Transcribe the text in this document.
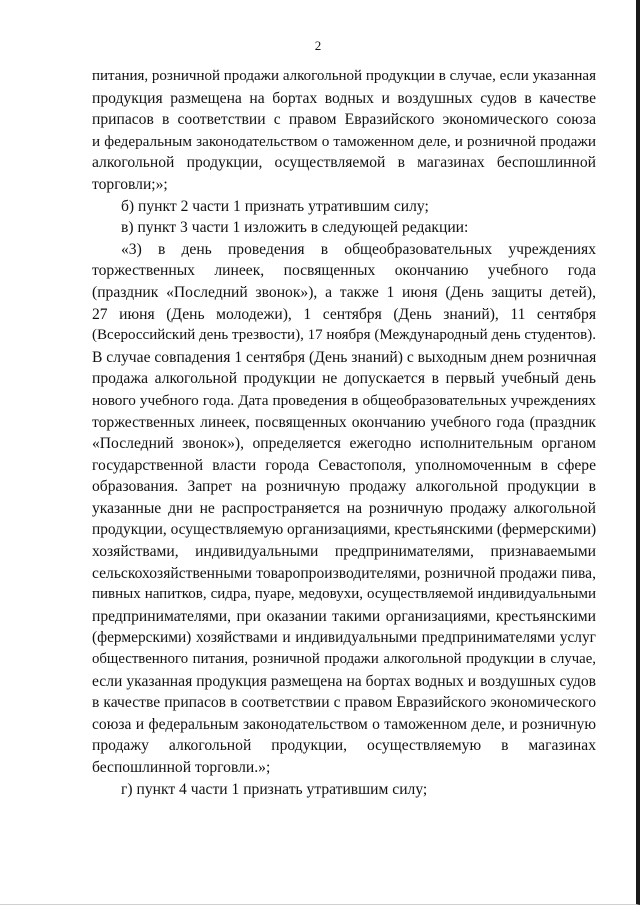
2
питания, розничной продажи алкогольной продукции в случае, если указанная
продукция размещена на бортах водных и воздушных судов в качестве
припасов в соответствии с правом Евразийского экономического союза
и федеральным законодательством о таможенном деле, и розничной продажи
алкогольной продукции, осуществляемой в магазинах беспошлинной
торговли;»;
б) пункт 2 части 1 признать утратившим силу;
в) пункт 3 части 1 изложить в следующей редакции:
«3) в день проведения в общеобразовательных учреждениях
торжественных линеек, посвященных окончанию учебного года
(праздник «Последний звонок»), а также 1 июня (День защиты детей),
27 июня (День молодежи), 1 сентября (День знаний), 11 сентября
(Всероссийский день трезвости), 17 ноября (Международный день студентов).
В случае совпадения 1 сентября (День знаний) с выходным днем розничная
продажа алкогольной продукции не допускается в первый учебный день
нового учебного года. Дата проведения в общеобразовательных учреждениях
торжественных линеек, посвященных окончанию учебного года (праздник
«Последний звонок»), определяется ежегодно исполнительным органом
государственной власти города Севастополя, уполномоченным в сфере
образования. Запрет на розничную продажу алкогольной продукции в
указанные дни не распространяется на розничную продажу алкогольной
продукции, осуществляемую организациями, крестьянскими (фермерскими)
хозяйствами, индивидуальными предпринимателями, признаваемыми
сельскохозяйственными товаропроизводителями, розничной продажи пива,
пивных напитков, сидра, пуаре, медовухи, осуществляемой индивидуальными
предпринимателями, при оказании такими организациями, крестьянскими
(фермерскими) хозяйствами и индивидуальными предпринимателями услуг
общественного питания, розничной продажи алкогольной продукции в случае,
если указанная продукция размещена на бортах водных и воздушных судов
в качестве припасов в соответствии с правом Евразийского экономического
союза и федеральным законодательством о таможенном деле, и розничную
продажу алкогольной продукции, осуществляемую в магазинах
беспошлинной торговли.»;
г) пункт 4 части 1 признать утратившим силу;
